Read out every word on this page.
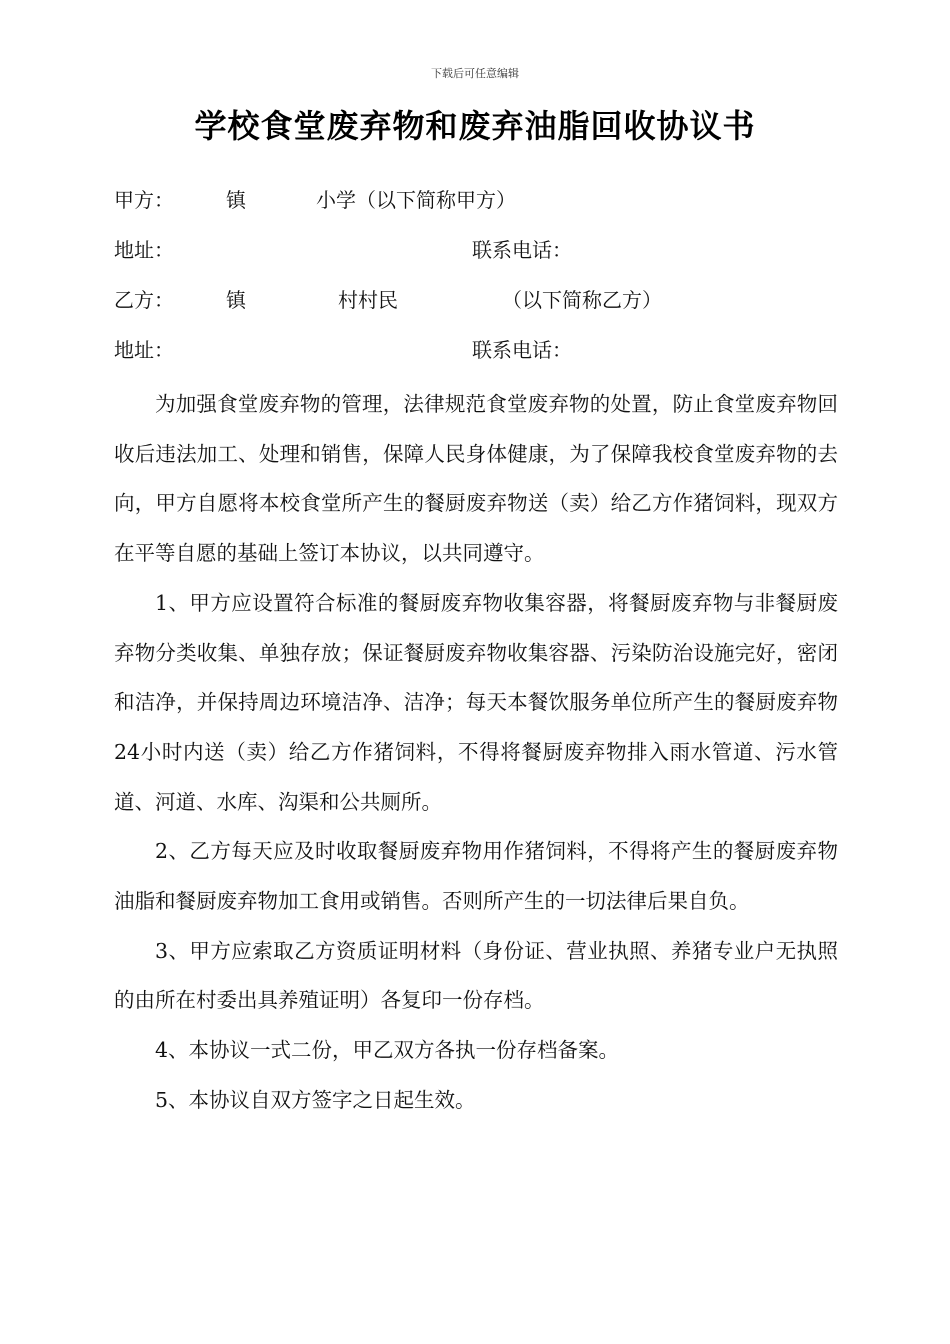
下载后可任意编辑
学校食堂废弃物和废弃油脂回收协议书
甲方：	镇	小学（以下简称甲方）
地址：	联系电话：
乙方：	镇	村村民	（以下简称乙方）
地址：	联系电话：

为加强食堂废弃物的管理，法律规范食堂废弃物的处置，防止食堂废弃物回收后违法加工、处理和销售，保障人民身体健康，为了保障我校食堂废弃物的去向，甲方自愿将本校食堂所产生的餐厨废弃物送（卖）给乙方作猪饲料，现双方在平等自愿的基础上签订本协议，以共同遵守。

1、甲方应设置符合标准的餐厨废弃物收集容器，将餐厨废弃物与非餐厨废弃物分类收集、单独存放；保证餐厨废弃物收集容器、污染防治设施完好，密闭和洁净，并保持周边环境洁净、洁净；每天本餐饮服务单位所产生的餐厨废弃物24小时内送（卖）给乙方作猪饲料，不得将餐厨废弃物排入雨水管道、污水管道、河道、水库、沟渠和公共厕所。

2、乙方每天应及时收取餐厨废弃物用作猪饲料，不得将产生的餐厨废弃物油脂和餐厨废弃物加工食用或销售。否则所产生的一切法律后果自负。

3、甲方应索取乙方资质证明材料（身份证、营业执照、养猪专业户无执照的由所在村委出具养殖证明）各复印一份存档。

4、本协议一式二份，甲乙双方各执一份存档备案。

5、本协议自双方签字之日起生效。
